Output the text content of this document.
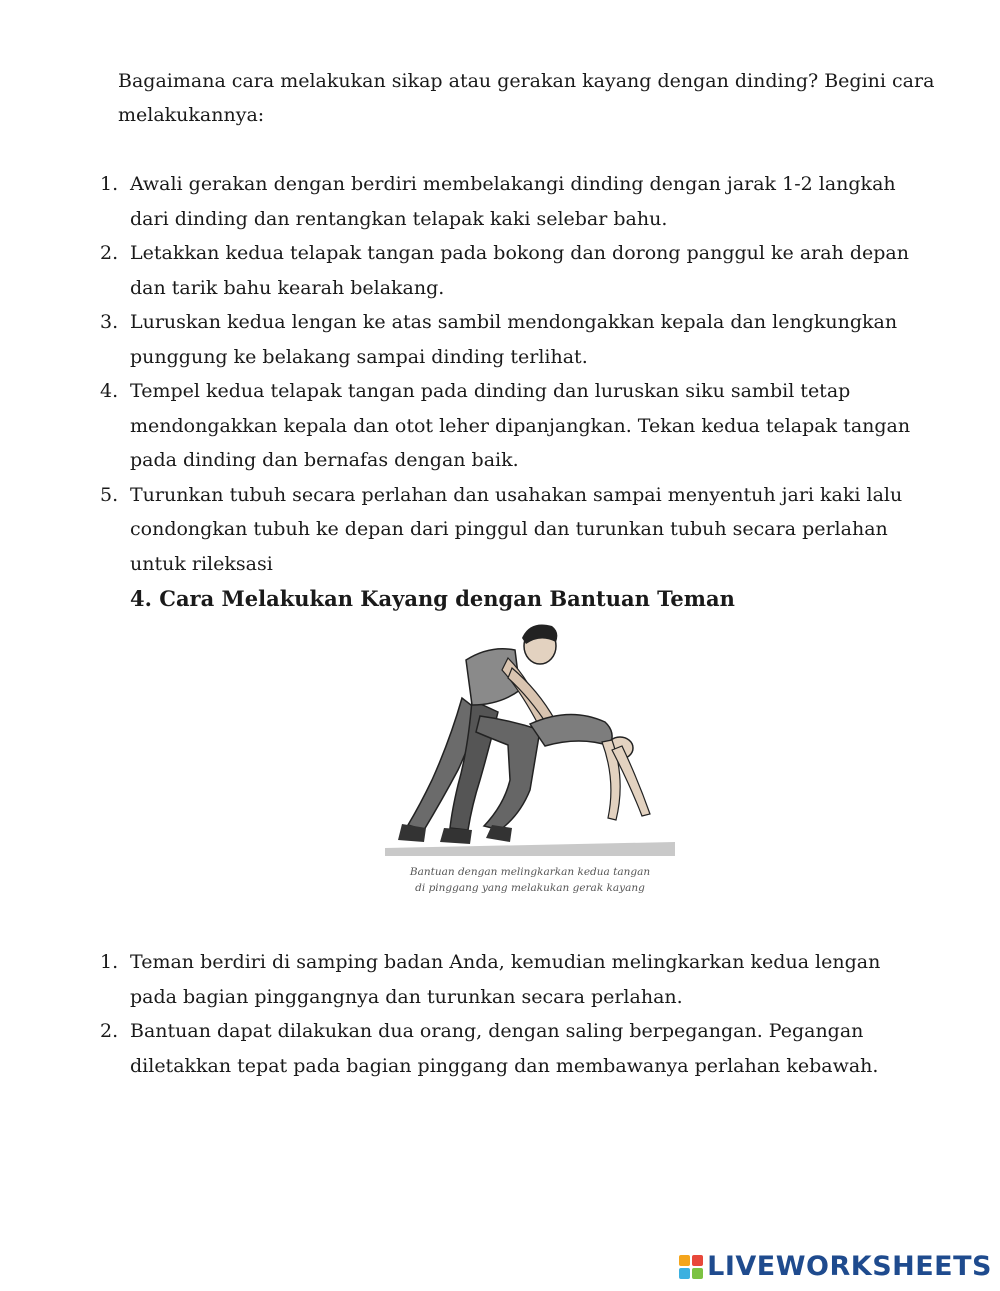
Bagaimana cara melakukan sikap atau gerakan kayang dengan dinding? Begini cara melakukannya:

1. Awali gerakan dengan berdiri membelakangi dinding dengan jarak 1-2 langkah dari dinding dan rentangkan telapak kaki selebar bahu.
2. Letakkan kedua telapak tangan pada bokong dan dorong panggul ke arah depan dan tarik bahu kearah belakang.
3. Luruskan kedua lengan ke atas sambil mendongakkan kepala dan lengkungkan punggung ke belakang sampai dinding terlihat.
4. Tempel kedua telapak tangan pada dinding dan luruskan siku sambil tetap mendongakkan kepala dan otot leher dipanjangkan. Tekan kedua telapak tangan pada dinding dan bernafas dengan baik.
5. Turunkan tubuh secara perlahan dan usahakan sampai menyentuh jari kaki lalu condongkan tubuh ke depan dari pinggul dan turunkan tubuh secara perlahan untuk rileksasi
4. Cara Melakukan Kayang dengan Bantuan Teman
Bantuan dengan melingkarkan kedua tangan
di pinggang yang melakukan gerak kayang
1. Teman berdiri di samping badan Anda, kemudian melingkarkan kedua lengan pada bagian pinggangnya dan turunkan secara perlahan.
2. Bantuan dapat dilakukan dua orang, dengan saling berpegangan. Pegangan diletakkan tepat pada bagian pinggang dan membawanya perlahan kebawah.
LIVEWORKSHEETS
